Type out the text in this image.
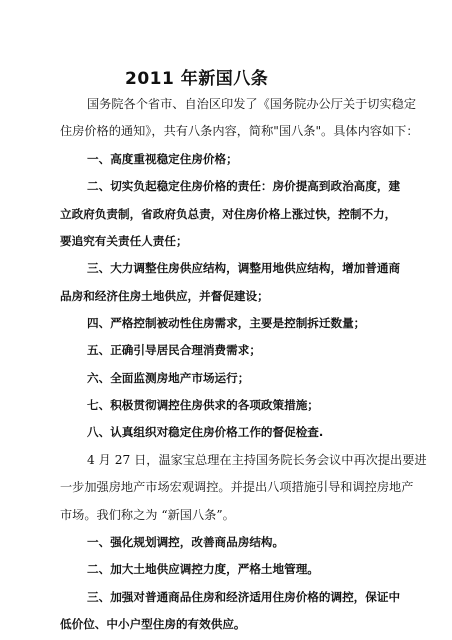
2011 年新国八条
国务院各个省市、自治区印发了《国务院办公厅关于切实稳定
住房价格的通知》，共有八条内容，简称"国八条"。具体内容如下：
一、高度重视稳定住房价格；
二、切实负起稳定住房价格的责任：房价提高到政治高度，建
立政府负责制，省政府负总责，对住房价格上涨过快，控制不力，
要追究有关责任人责任；
三、大力调整住房供应结构，调整用地供应结构，增加普通商
品房和经济住房土地供应，并督促建设；
四、严格控制被动性住房需求，主要是控制拆迁数量；
五、正确引导居民合理消费需求；
六、全面监测房地产市场运行；
七、积极贯彻调控住房供求的各项政策措施；
八、认真组织对稳定住房价格工作的督促检查.
4 月 27 日，温家宝总理在主持国务院长务会议中再次提出要进
一步加强房地产市场宏观调控。并提出八项措施引导和调控房地产
市场。我们称之为 “新国八条”。
一、强化规划调控，改善商品房结构。
二、加大土地供应调控力度，严格土地管理。
三、加强对普通商品住房和经济适用住房价格的调控，保证中
低价位、中小户型住房的有效供应。
